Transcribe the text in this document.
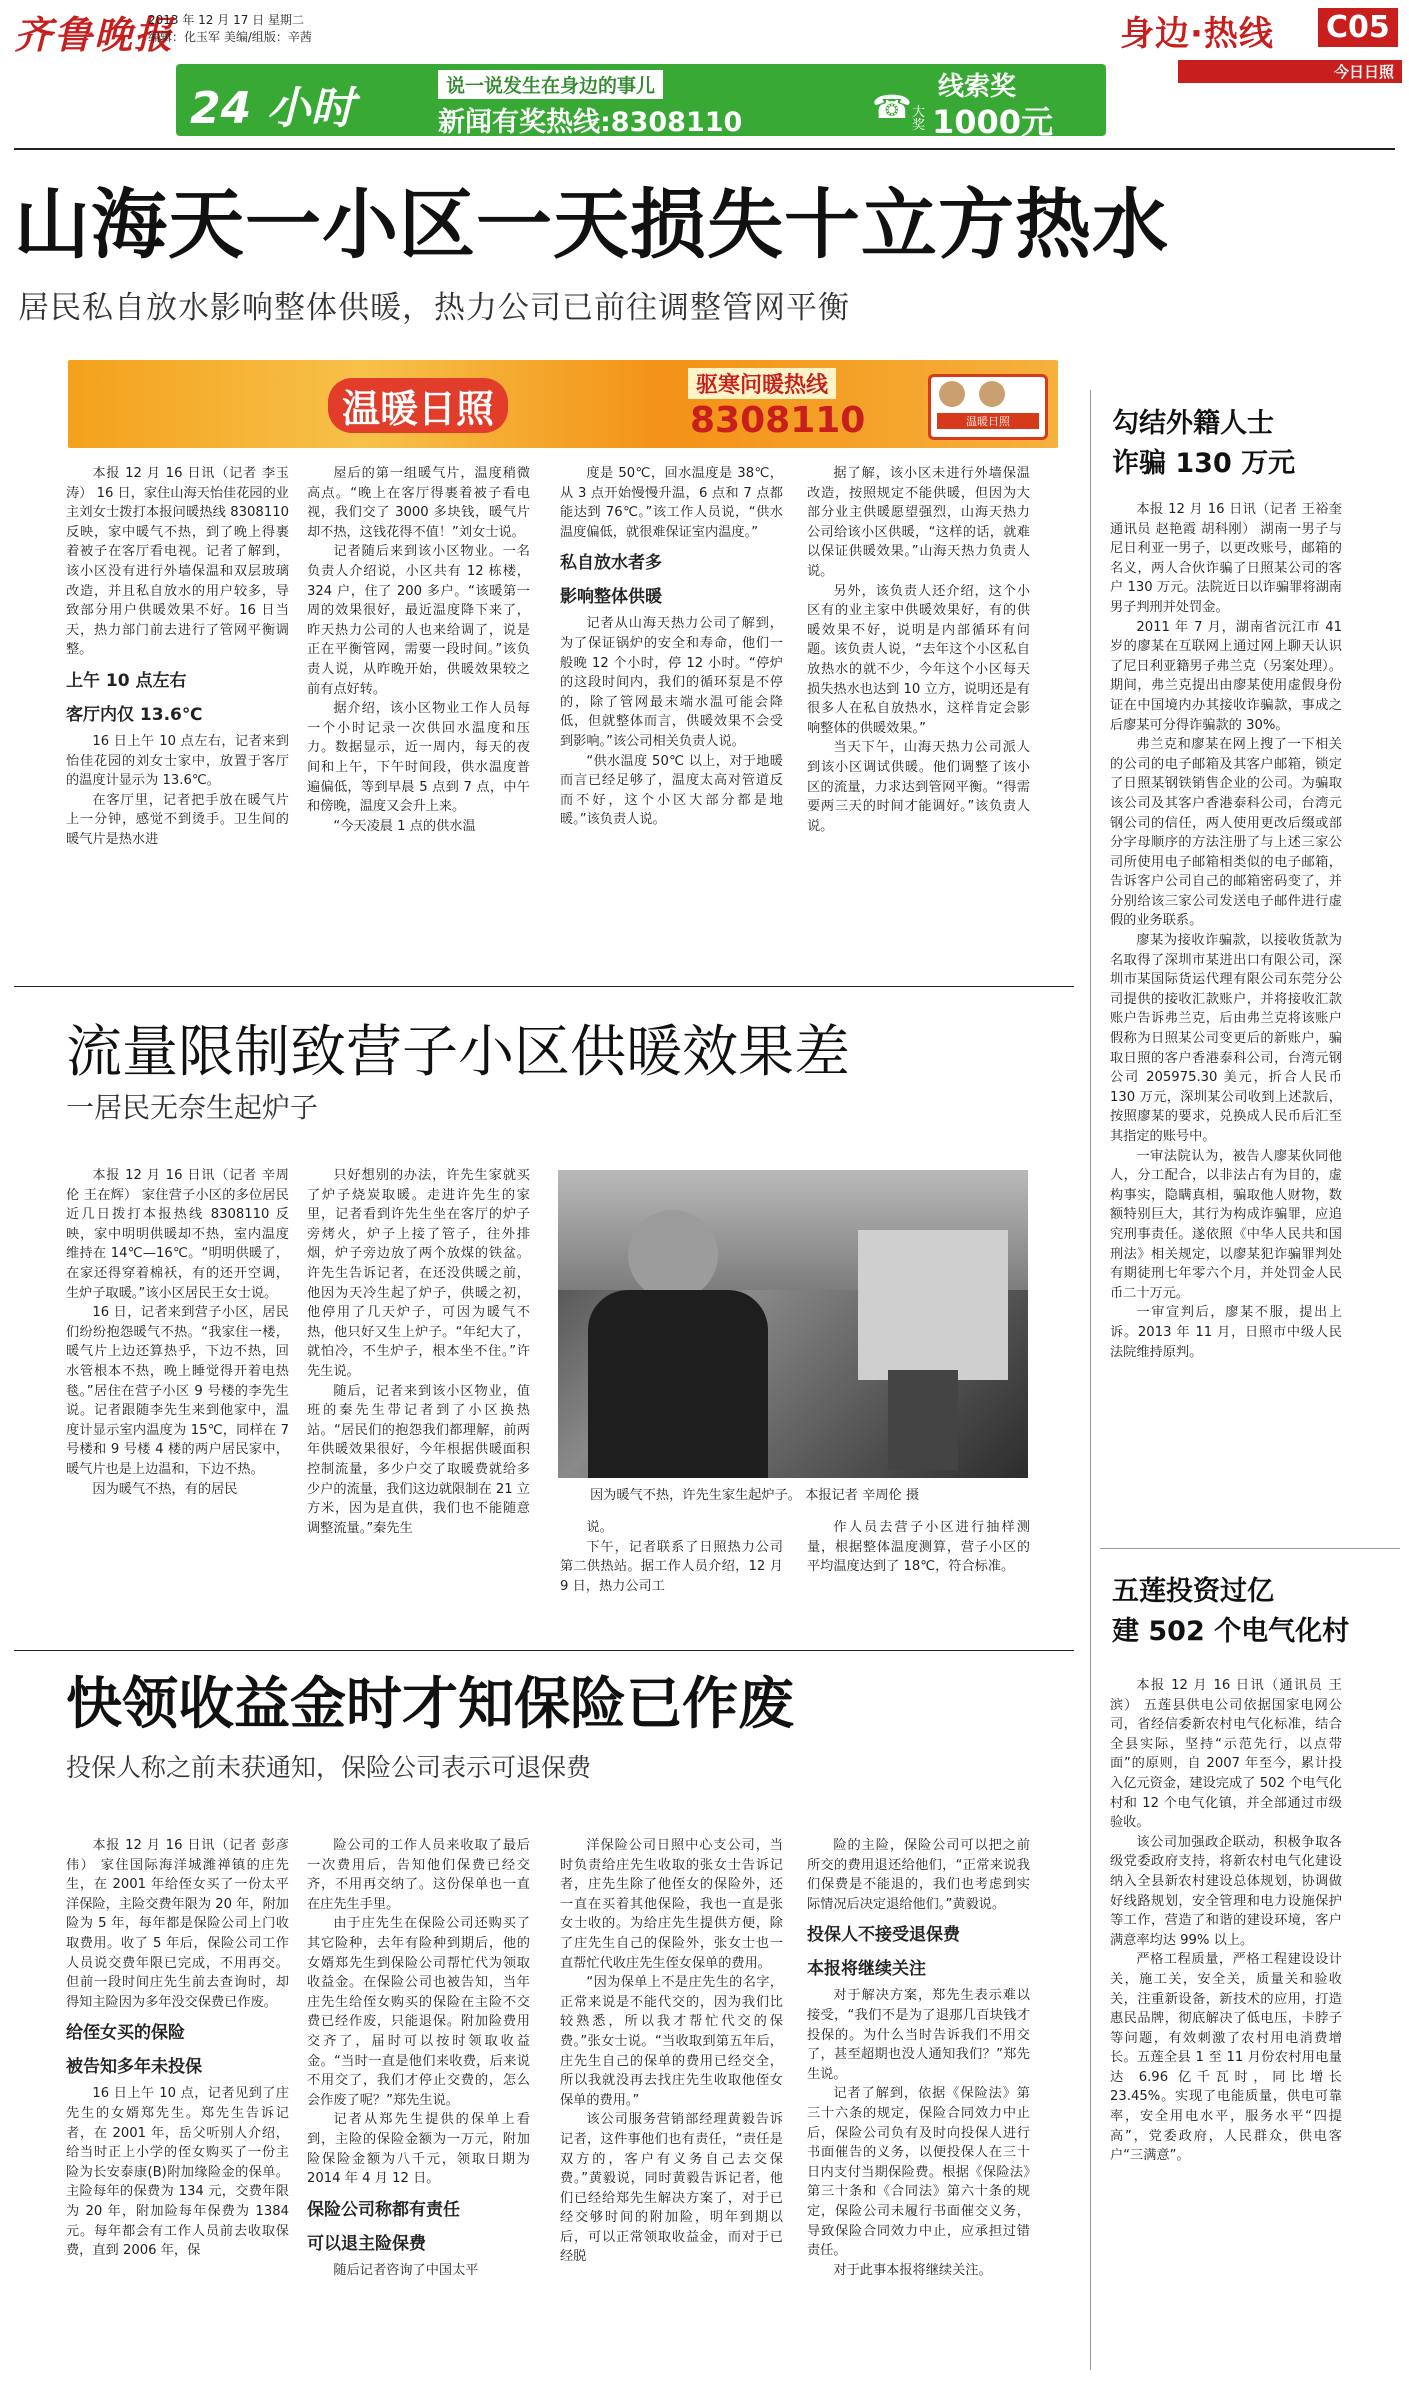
齐鲁晚报
2013 年 12 月 17 日 星期二
编辑：化玉军 美编/组版：辛茜	身边·热线 C05
今日日照
24 小时	说一说发生在身边的事儿
新闻有奖热线:8308110	☎
线索奖
大奖 1000元
山海天一小区一天损失十立方热水
居民私自放水影响整体供暖，热力公司已前往调整管网平衡
温暖日照
驱寒问暖热线
8308110	温暖日照

本报 12 月 16 日讯（记者 李玉涛） 16 日，家住山海天怡佳花园的业主刘女士拨打本报问暖热线 8308110 反映，家中暖气不热，到了晚上得裹着被子在客厅看电视。记者了解到，该小区没有进行外墙保温和双层玻璃改造，并且私自放水的用户较多，导致部分用户供暖效果不好。16 日当天，热力部门前去进行了管网平衡调整。

上午 10 点左右

客厅内仅 13.6℃

16 日上午 10 点左右，记者来到怡佳花园的刘女士家中，放置于客厅的温度计显示为 13.6℃。

在客厅里，记者把手放在暖气片上一分钟，感觉不到烫手。卫生间的暖气片是热水进

屋后的第一组暖气片，温度稍微高点。“晚上在客厅得裹着被子看电视，我们交了 3000 多块钱，暖气片却不热，这钱花得不值！”刘女士说。

记者随后来到该小区物业。一名负责人介绍说，小区共有 12 栋楼，324 户，住了 200 多户。“该暖第一周的效果很好，最近温度降下来了，昨天热力公司的人也来给调了，说是正在平衡管网，需要一段时间。”该负责人说，从昨晚开始，供暖效果较之前有点好转。

据介绍，该小区物业工作人员每一个小时记录一次供回水温度和压力。数据显示，近一周内，每天的夜间和上午，下午时间段，供水温度普遍偏低，等到早晨 5 点到 7 点，中午和傍晚，温度又会升上来。

“今天凌晨 1 点的供水温

度是 50℃，回水温度是 38℃，从 3 点开始慢慢升温，6 点和 7 点都能达到 76℃。”该工作人员说，“供水温度偏低，就很难保证室内温度。”

私自放水者多

影响整体供暖

记者从山海天热力公司了解到，为了保证锅炉的安全和寿命，他们一般晚 12 个小时，停 12 小时。“停炉的这段时间内，我们的循环泵是不停的，除了管网最末端水温可能会降低，但就整体而言，供暖效果不会受到影响。”该公司相关负责人说。

“供水温度 50℃ 以上，对于地暖而言已经足够了，温度太高对管道反而不好，这个小区大部分都是地暖。”该负责人说。

据了解，该小区未进行外墙保温改造，按照规定不能供暖，但因为大部分业主供暖愿望强烈，山海天热力公司给该小区供暖，“这样的话，就难以保证供暖效果。”山海天热力负责人说。

另外，该负责人还介绍，这个小区有的业主家中供暖效果好，有的供暖效果不好，说明是内部循环有问题。该负责人说，“去年这个小区私自放热水的就不少，今年这个小区每天损失热水也达到 10 立方，说明还是有很多人在私自放热水，这样肯定会影响整体的供暖效果。”

当天下午，山海天热力公司派人到该小区调试供暖。他们调整了该小区的流量，力求达到管网平衡。“得需要两三天的时间才能调好。”该负责人说。

流量限制致营子小区供暖效果差
一居民无奈生起炉子

本报 12 月 16 日讯（记者 辛周伦 王在辉） 家住营子小区的多位居民近几日拨打本报热线 8308110 反映，家中明明供暖却不热，室内温度维持在 14℃—16℃。“明明供暖了，在家还得穿着棉袄，有的还开空调，生炉子取暖。”该小区居民王女士说。

16 日，记者来到营子小区，居民们纷纷抱怨暖气不热。“我家住一楼，暖气片上边还算热乎，下边不热，回水管根本不热，晚上睡觉得开着电热毯。”居住在营子小区 9 号楼的李先生说。记者跟随李先生来到他家中，温度计显示室内温度为 15℃，同样在 7 号楼和 9 号楼 4 楼的两户居民家中，暖气片也是上边温和，下边不热。

因为暖气不热，有的居民

只好想别的办法，许先生家就买了炉子烧炭取暖。走进许先生的家里，记者看到许先生坐在客厅的炉子旁烤火，炉子上接了管子，往外排烟，炉子旁边放了两个放煤的铁盆。许先生告诉记者，在还没供暖之前，他因为天冷生起了炉子，供暖之初，他停用了几天炉子，可因为暖气不热，他只好又生上炉子。“年纪大了，就怕冷，不生炉子，根本坐不住。”许先生说。

随后，记者来到该小区物业，值班的秦先生带记者到了小区换热站。“居民们的抱怨我们都理解，前两年供暖效果很好，今年根据供暖面积控制流量，多少户交了取暖费就给多少户的流量，我们这边就限制在 21 立方米，因为是直供，我们也不能随意调整流量。”秦先生	说。

下午，记者联系了日照热力公司第二供热站。据工作人员介绍，12 月 9 日，热力公司工

作人员去营子小区进行抽样测量，根据整体温度测算，营子小区的平均温度达到了 18℃，符合标准。

因为暖气不热，许先生家生起炉子。 本报记者 辛周伦 摄
快领收益金时才知保险已作废
投保人称之前未获通知，保险公司表示可退保费

本报 12 月 16 日讯（记者 彭彦伟） 家住国际海洋城潍禅镇的庄先生，在 2001 年给侄女买了一份太平洋保险，主险交费年限为 20 年，附加险为 5 年，每年都是保险公司上门收取费用。收了 5 年后，保险公司工作人员说交费年限已完成，不用再交。但前一段时间庄先生前去查询时，却得知主险因为多年没交保费已作废。

给侄女买的保险

被告知多年未投保

16 日上午 10 点，记者见到了庄先生的女婿郑先生。郑先生告诉记者，在 2001 年，岳父听别人介绍，给当时正上小学的侄女购买了一份主险为长安泰康(B)附加缘险金的保单。主险每年的保费为 134 元，交费年限为 20 年，附加险每年保费为 1384 元。每年都会有工作人员前去收取保费，直到 2006 年，保

险公司的工作人员来收取了最后一次费用后，告知他们保费已经交齐，不用再交纳了。这份保单也一直在庄先生手里。

由于庄先生在保险公司还购买了其它险种，去年有险种到期后，他的女婿郑先生到保险公司帮忙代为领取收益金。在保险公司也被告知，当年庄先生给侄女购买的保险在主险不交费已经作废，只能退保。附加险费用交齐了，届时可以按时领取收益金。“当时一直是他们来收费，后来说不用交了，我们才停止交费的，怎么会作废了呢？”郑先生说。

记者从郑先生提供的保单上看到，主险的保险金额为一万元，附加险保险金额为八千元，领取日期为 2014 年 4 月 12 日。

保险公司称都有责任

可以退主险保费

随后记者咨询了中国太平

洋保险公司日照中心支公司，当时负责给庄先生收取的张女士告诉记者，庄先生除了他侄女的保险外，还一直在买着其他保险，我也一直是张女士收的。为给庄先生提供方便，除了庄先生自己的保险外，张女士也一直帮忙代收庄先生侄女保单的费用。

“因为保单上不是庄先生的名字，正常来说是不能代交的，因为我们比较熟悉，所以我才帮忙代交的保费。”张女士说。“当收取到第五年后，庄先生自己的保单的费用已经交全，所以我就没再去找庄先生收取他侄女保单的费用。”

该公司服务营销部经理黄毅告诉记者，这件事他们也有责任，“责任是双方的，客户有义务自己去交保费。”黄毅说，同时黄毅告诉记者，他们已经给郑先生解决方案了，对于已经交够时间的附加险，明年到期以后，可以正常领取收益金，而对于已经脱

险的主险，保险公司可以把之前所交的费用退还给他们，“正常来说我们保费是不能退的，我们也考虑到实际情况后决定退给他们。”黄毅说。

投保人不接受退保费

本报将继续关注

对于解决方案，郑先生表示难以接受，“我们不是为了退那几百块钱才投保的。为什么当时告诉我们不用交了，甚至超期也没人通知我们？”郑先生说。

记者了解到，依据《保险法》第三十六条的规定，保险合同效力中止后，保险公司负有及时向投保人进行书面催告的义务，以便投保人在三十日内支付当期保险费。根据《保险法》第三十条和《合同法》第六十条的规定，保险公司未履行书面催交义务，导致保险合同效力中止，应承担过错责任。

对于此事本报将继续关注。

勾结外籍人士
诈骗 130 万元

本报 12 月 16 日讯（记者 王裕奎 通讯员 赵艳霞 胡科刚） 湖南一男子与尼日利亚一男子，以更改账号，邮箱的名义，两人合伙诈骗了日照某公司的客户 130 万元。法院近日以诈骗罪将湖南男子判刑并处罚金。

2011 年 7 月，湖南省沅江市 41 岁的廖某在互联网上通过网上聊天认识了尼日利亚籍男子弗兰克（另案处理）。期间，弗兰克提出由廖某使用虚假身份证在中国境内办其接收诈骗款，事成之后廖某可分得诈骗款的 30%。

弗兰克和廖某在网上搜了一下相关的公司的电子邮箱及其客户邮箱，锁定了日照某钢铁销售企业的公司。为骗取该公司及其客户香港泰科公司，台湾元钢公司的信任，两人使用更改后缀或部分字母顺序的方法注册了与上述三家公司所使用电子邮箱相类似的电子邮箱，告诉客户公司自己的邮箱密码变了，并分别给该三家公司发送电子邮件进行虚假的业务联系。

廖某为接收诈骗款，以接收货款为名取得了深圳市某进出口有限公司，深圳市某国际货运代理有限公司东莞分公司提供的接收汇款账户，并将接收汇款账户告诉弗兰克，后由弗兰克将该账户假称为日照某公司变更后的新账户，骗取日照的客户香港泰科公司，台湾元钢公司 205975.30 美元，折合人民币 130 万元，深圳某公司收到上述款后，按照廖某的要求，兑换成人民币后汇至其指定的账号中。

一审法院认为，被告人廖某伙同他人，分工配合，以非法占有为目的，虚构事实，隐瞒真相，骗取他人财物，数额特别巨大，其行为构成诈骗罪，应追究刑事责任。遂依照《中华人民共和国刑法》相关规定，以廖某犯诈骗罪判处有期徒刑七年零六个月，并处罚金人民币二十万元。

一审宣判后，廖某不服，提出上诉。2013 年 11 月，日照市中级人民法院维持原判。

五莲投资过亿
建 502 个电气化村

本报 12 月 16 日讯（通讯员 王滨） 五莲县供电公司依据国家电网公司，省经信委新农村电气化标准，结合全县实际，坚持“示范先行，以点带面”的原则，自 2007 年至今，累计投入亿元资金，建设完成了 502 个电气化村和 12 个电气化镇，并全部通过市级验收。

该公司加强政企联动，积极争取各级党委政府支持，将新农村电气化建设纳入全县新农村建设总体规划，协调做好线路规划，安全管理和电力设施保护等工作，营造了和谐的建设环境，客户满意率均达 99% 以上。

严格工程质量，严格工程建设设计关，施工关，安全关，质量关和验收关，注重新设备，新技术的应用，打造惠民品牌，彻底解决了低电压，卡脖子等问题，有效刺激了农村用电消费增长。五莲全县 1 至 11 月份农村用电量达 6.96 亿千瓦时，同比增长 23.45%。实现了电能质量，供电可靠率，安全用电水平，服务水平“四提高”，党委政府，人民群众，供电客户“三满意”。
